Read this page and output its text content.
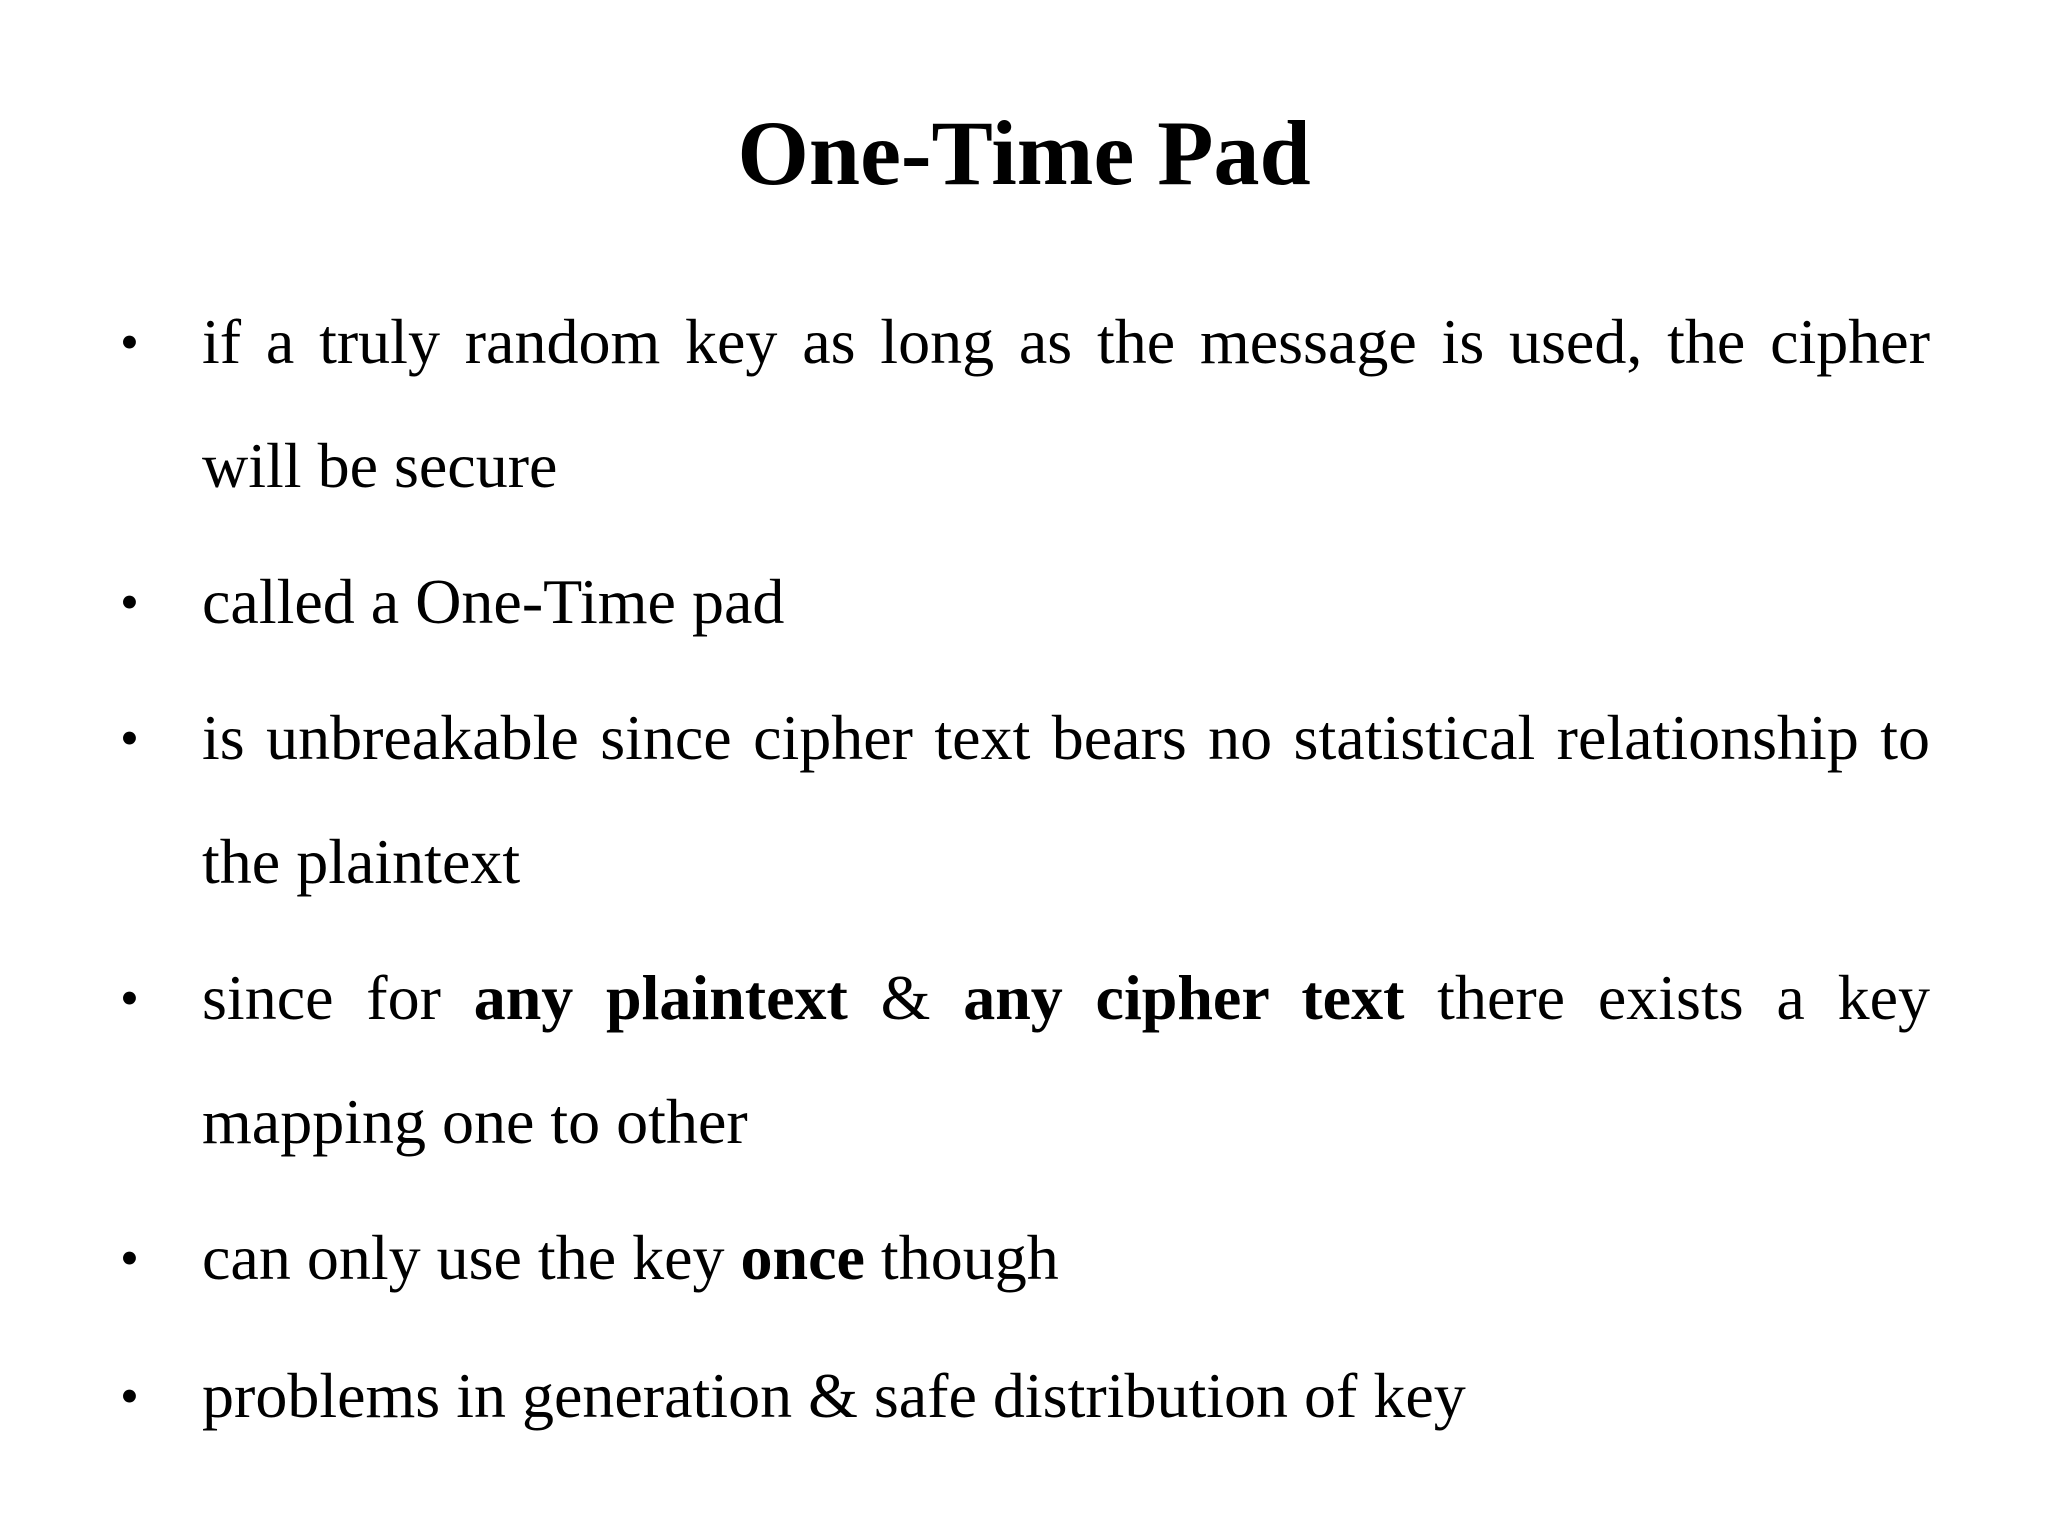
One-Time Pad
• if a truly random key as long as the message is used, the cipher will be secure
• called a One-Time pad
• is unbreakable since cipher text bears no statistical relationship to the plaintext
• since for any plaintext & any cipher text there exists a key mapping one to other
• can only use the key once though
• problems in generation & safe distribution of key
